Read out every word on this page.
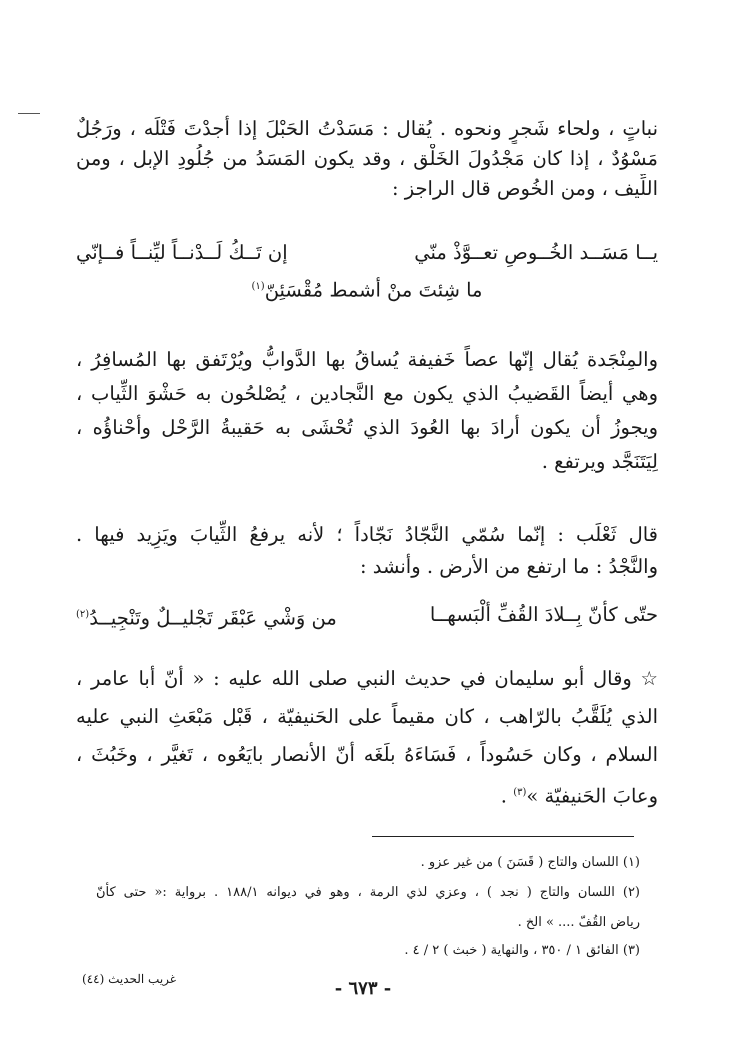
نباتٍ ، ولحاء شَجرٍ ونحوه . يُقال : مَسَدْتُ الحَبْلَ إذا أجدْتَ فَتْلَه ، ورَجُلٌ
مَسْوُدٌ ، إذا كان مَجْدُولَ الخَلْق ، وقد يكون المَسَدُ من جُلُودِ الإبل ، ومن
اللِّيف ، ومن الخُوص قال الراجز :
يــا مَسَــد الخُــوصِ تعــوَّذْ منّي
إن تَــكُ لَــدْنــاً ليِّنــاً فــإنّي
ما شِئتَ منْ أشمط مُقْسَئِنّ$^{(١)}$
والمِنْجَدة يُقال إنّها عصاً خَفيفة يُساقُ بها الدَّوابُّ ويُرْتَفق بها المُسافِرُ ،
وهي أيضاً القَضيبُ الذي يكون مع النَّجادين ، يُصْلحُون به حَشْوَ الثِّياب ،
ويجوزُ أن يكون أرادَ بها العُودَ الذي تُحْشَى به حَقيبةُ الرَّحْل وأحْناؤُه ،
لِيَتَنَجَّد ويرتفع .
قال ثَعْلَب : إنّما سُمّي النَّجّادُ نَجّاداً ؛ لأنه يرفعُ الثِّيابَ ويَزِيد فيها .
والنَّجْدُ : ما ارتفع من الأرض . وأنشد :
حتّى كأنّ بِــلادَ القُفِّ ألْبَسهــا
من وَشْي عَبْقَر تَجْليــلٌ وتَنْجِيــدُ$^{(٢)}$
☆ وقال أبو سليمان في حديث النبي صلى الله عليه : « أنّ أبا عامر ،
الذي يُلَقَّبُ بالرّاهب ، كان مقيماً على الحَنيفيّة ، قَبْل مَبْعَثِ النبي عليه
السلام ، وكان حَسُوداً ، فَسَاءَهُ بلَغَه أنّ الأنصار بايَعُوه ، تَغيَّر ، وخَبُثَ ،
وعابَ الحَنيفيّة »$^{(٣)}$ .
(١) اللسان والتاج ( قَسَنَ ) من غير عزو .
(٢) اللسان والتاج ( نجد ) ، وعزي لذي الرمة ، وهو في ديوانه ١٨٨/١ . برواية :« حتى كأنّ
رياض القُفّ .... » الخ .
(٣) الفائق ١ / ٣٥٠ ، والنهاية ( خبث ) ٢ / ٤ .
غريب الحديث (٤٤)	- ٦٧٣ -
